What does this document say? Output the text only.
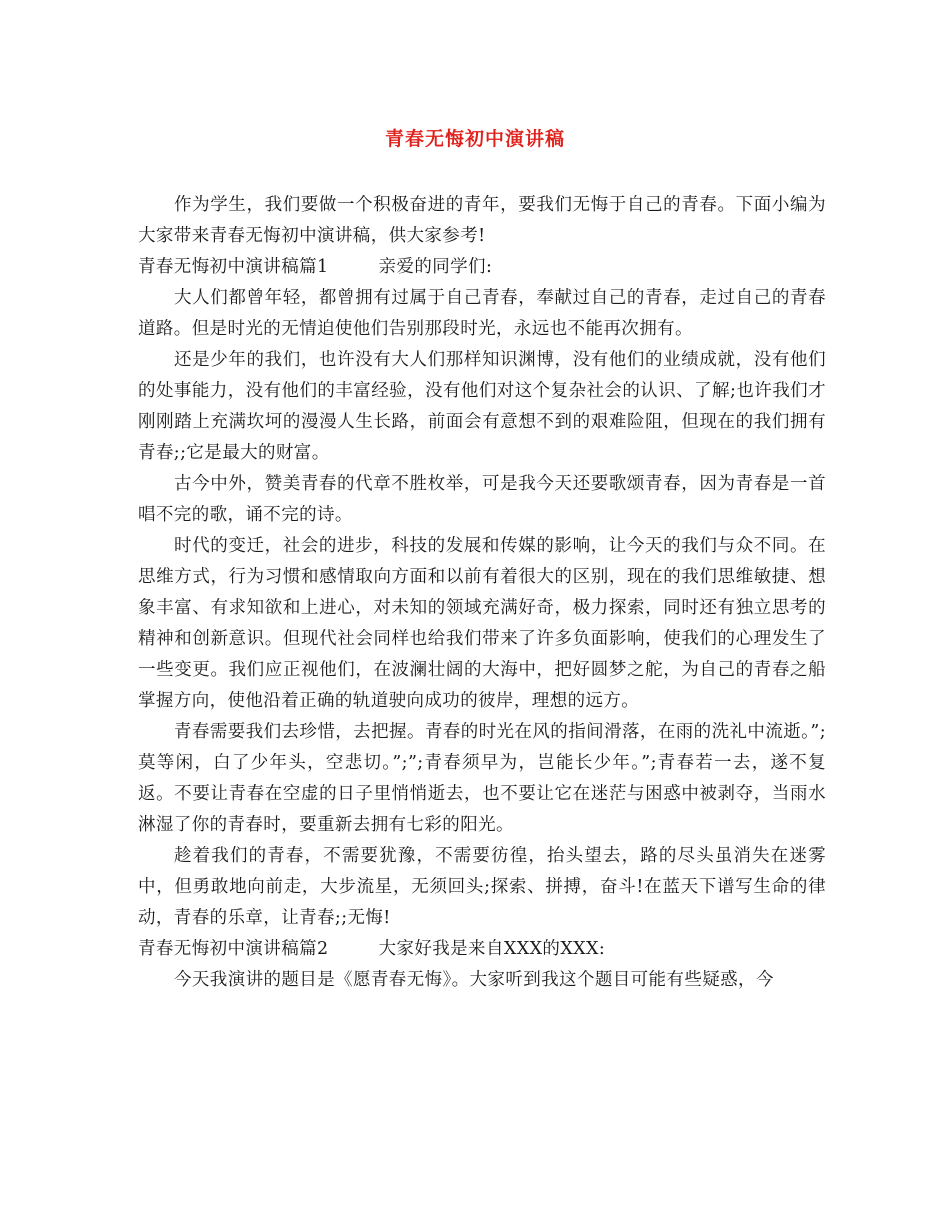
青春无悔初中演讲稿

作为学生，我们要做一个积极奋进的青年，要我们无悔于自己的青春。下面小编为大家带来青春无悔初中演讲稿，供大家参考!

青春无悔初中演讲稿篇1	亲爱的同学们:

大人们都曾年轻，都曾拥有过属于自己青春，奉献过自己的青春，走过自己的青春道路。但是时光的无情迫使他们告别那段时光，永远也不能再次拥有。

还是少年的我们，也许没有大人们那样知识渊博，没有他们的业绩成就，没有他们的处事能力，没有他们的丰富经验，没有他们对这个复杂社会的认识、了解;也许我们才刚刚踏上充满坎坷的漫漫人生长路，前面会有意想不到的艰难险阻，但现在的我们拥有青春;;它是最大的财富。

古今中外，赞美青春的代章不胜枚举，可是我今天还要歌颂青春，因为青春是一首唱不完的歌，诵不完的诗。

时代的变迁，社会的进步，科技的发展和传媒的影响，让今天的我们与众不同。在思维方式，行为习惯和感情取向方面和以前有着很大的区别，现在的我们思维敏捷、想象丰富、有求知欲和上进心，对未知的领域充满好奇，极力探索，同时还有独立思考的精神和创新意识。但现代社会同样也给我们带来了许多负面影响，使我们的心理发生了一些变更。我们应正视他们，在波澜壮阔的大海中，把好圆梦之舵，为自己的青春之船掌握方向，使他沿着正确的轨道驶向成功的彼岸，理想的远方。

青春需要我们去珍惜，去把握。青春的时光在风的指间滑落，在雨的洗礼中流逝。”;莫等闲，白了少年头，空悲切。”;”;青春须早为，岂能长少年。”;青春若一去，遂不复返。不要让青春在空虚的日子里悄悄逝去，也不要让它在迷茫与困惑中被剥夺，当雨水淋湿了你的青春时，要重新去拥有七彩的阳光。

趁着我们的青春，不需要犹豫，不需要彷徨，抬头望去，路的尽头虽消失在迷雾中，但勇敢地向前走，大步流星，无须回头;探索、拼搏，奋斗!在蓝天下谱写生命的律动，青春的乐章，让青春;;无悔!

青春无悔初中演讲稿篇2	大家好我是来自XXX的XXX:

今天我演讲的题目是《愿青春无悔》。大家听到我这个题目可能有些疑惑，今
